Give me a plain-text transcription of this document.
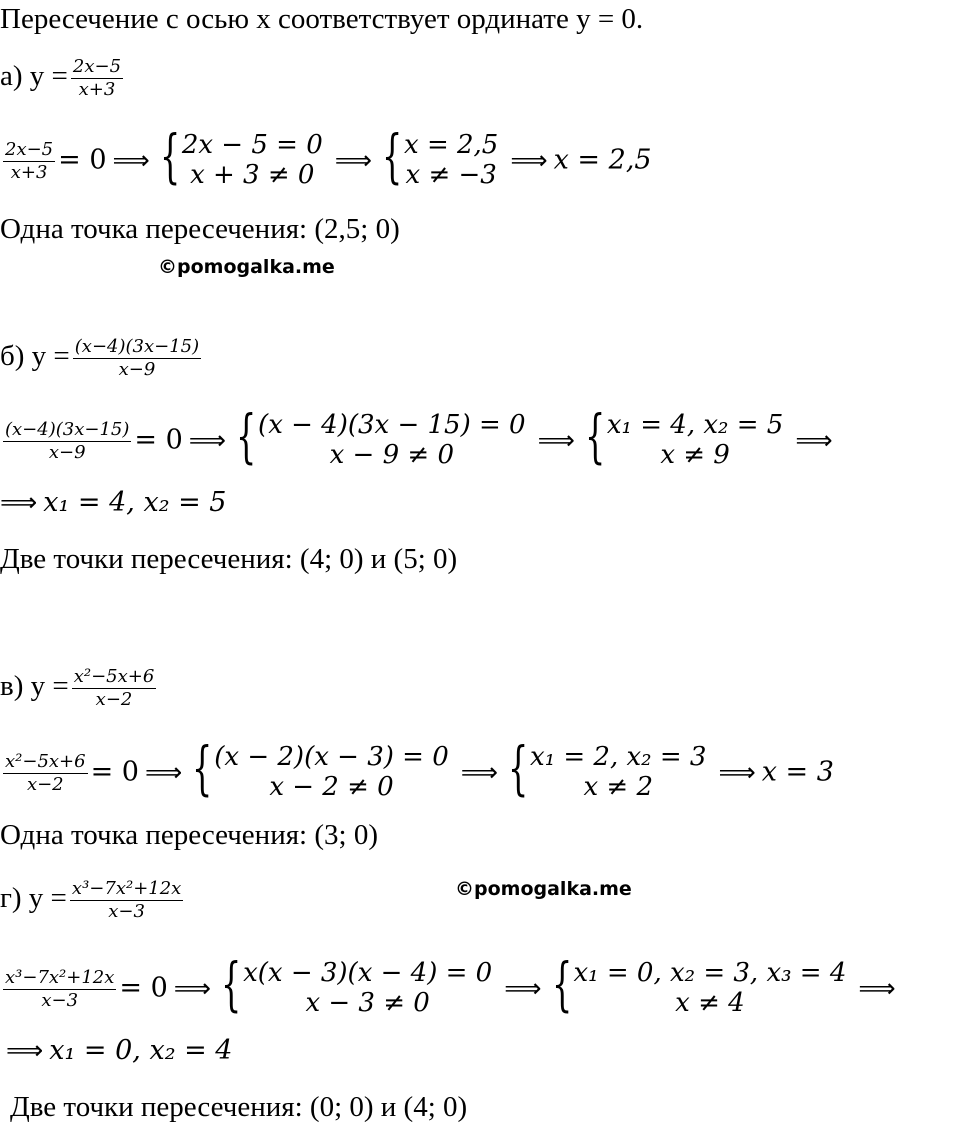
Пересечение с осью x соответствует ординате y = 0.
а) $y = \frac{2x-5}{x+3}$
$\frac{2x-5}{x+3} = 0$ ⟹ { 2x − 5 = 0
x + 3 ≠ 0 ⟹ { x = 2,5
x ≠ −3 ⟹ x = 2,5
Одна точка пересечения: (2,5; 0)
©pomogalka.me
б) $y = \frac{(x-4)(3x-15)}{x-9}$
$\frac{(x-4)(3x-15)}{x-9} = 0$ ⟹ { (x − 4)(3x − 15) = 0
x − 9 ≠ 0	⟹ { x₁ = 4, x₂ = 5
x ≠ 9	⟹
⟹ x₁ = 4, x₂ = 5
Две точки пересечения: (4; 0) и (5; 0)
в) $y = \frac{\text{x²−5x+6}}{x-2}$
$\frac{\text{x²−5x+6}}{x-2} = 0$ ⟹ { (x − 2)(x − 3) = 0
x − 2 ≠ 0	⟹ { x₁ = 2, x₂ = 3
x ≠ 2	⟹ x = 3
Одна точка пересечения: (3; 0)
г) $y = \frac{\text{x³−7x²+12x}}{x-3}$	©pomogalka.me
$\frac{\text{x³−7x²+12x}}{x-3} = 0$ ⟹ { x(x − 3)(x − 4) = 0
x − 3 ≠ 0	⟹ { x₁ = 0, x₂ = 3, x₃ = 4
x ≠ 4	⟹
⟹ x₁ = 0, x₂ = 4
Две точки пересечения: (0; 0) и (4; 0)
